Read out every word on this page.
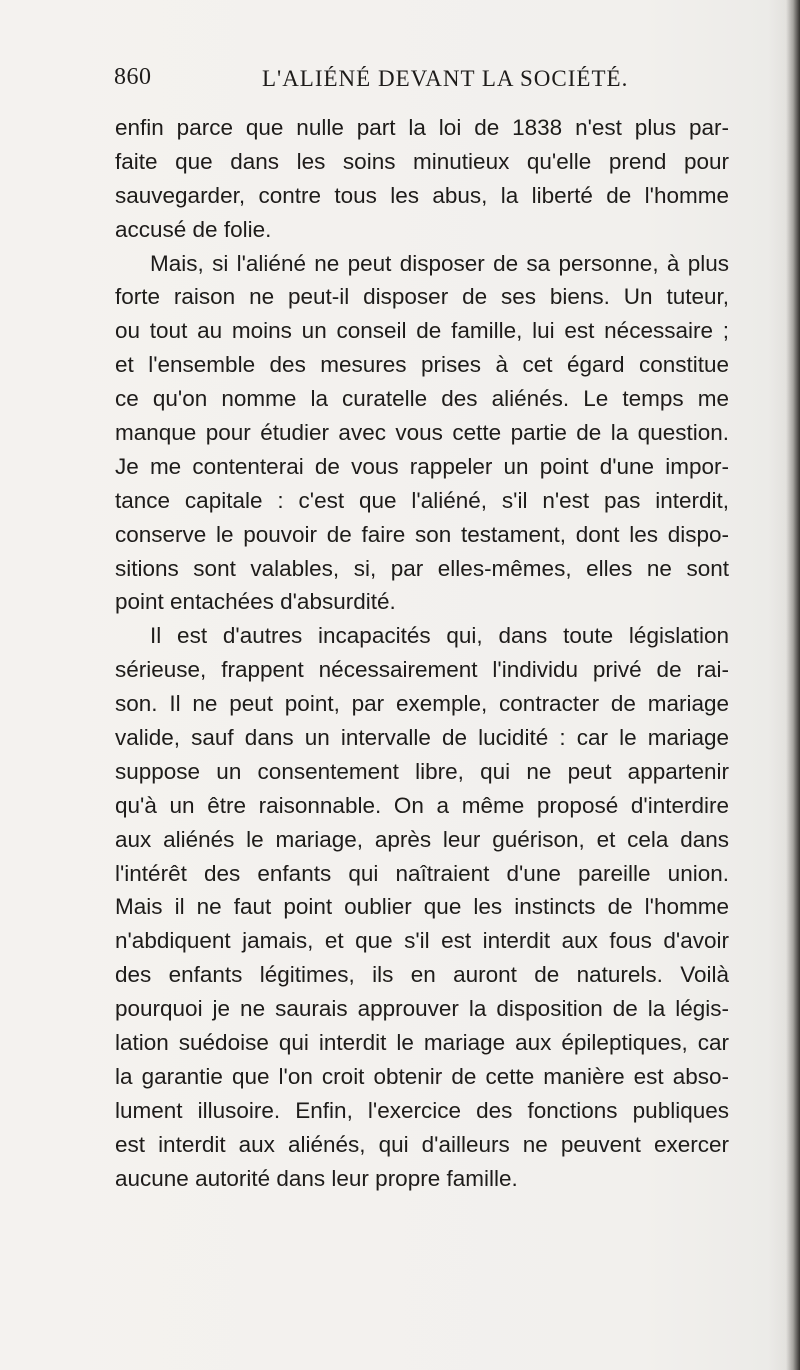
860	L'ALIÉNÉ DEVANT LA SOCIÉTÉ.
enfin parce que nulle part la loi de 1838 n'est plus par-
faite que dans les soins minutieux qu'elle prend pour
sauvegarder, contre tous les abus, la liberté de l'homme
accusé de folie.
Mais, si l'aliéné ne peut disposer de sa personne, à plus
forte raison ne peut-il disposer de ses biens. Un tuteur,
ou tout au moins un conseil de famille, lui est nécessaire ;
et l'ensemble des mesures prises à cet égard constitue
ce qu'on nomme la curatelle des aliénés. Le temps me
manque pour étudier avec vous cette partie de la question.
Je me contenterai de vous rappeler un point d'une impor-
tance capitale : c'est que l'aliéné, s'il n'est pas interdit,
conserve le pouvoir de faire son testament, dont les dispo-
sitions sont valables, si, par elles-mêmes, elles ne sont
point entachées d'absurdité.
Il est d'autres incapacités qui, dans toute législation
sérieuse, frappent nécessairement l'individu privé de rai-
son. Il ne peut point, par exemple, contracter de mariage
valide, sauf dans un intervalle de lucidité : car le mariage
suppose un consentement libre, qui ne peut appartenir
qu'à un être raisonnable. On a même proposé d'interdire
aux aliénés le mariage, après leur guérison, et cela dans
l'intérêt des enfants qui naîtraient d'une pareille union.
Mais il ne faut point oublier que les instincts de l'homme
n'abdiquent jamais, et que s'il est interdit aux fous d'avoir
des enfants légitimes, ils en auront de naturels. Voilà
pourquoi je ne saurais approuver la disposition de la légis-
lation suédoise qui interdit le mariage aux épileptiques, car
la garantie que l'on croit obtenir de cette manière est abso-
lument illusoire. Enfin, l'exercice des fonctions publiques
est interdit aux aliénés, qui d'ailleurs ne peuvent exercer
aucune autorité dans leur propre famille.
